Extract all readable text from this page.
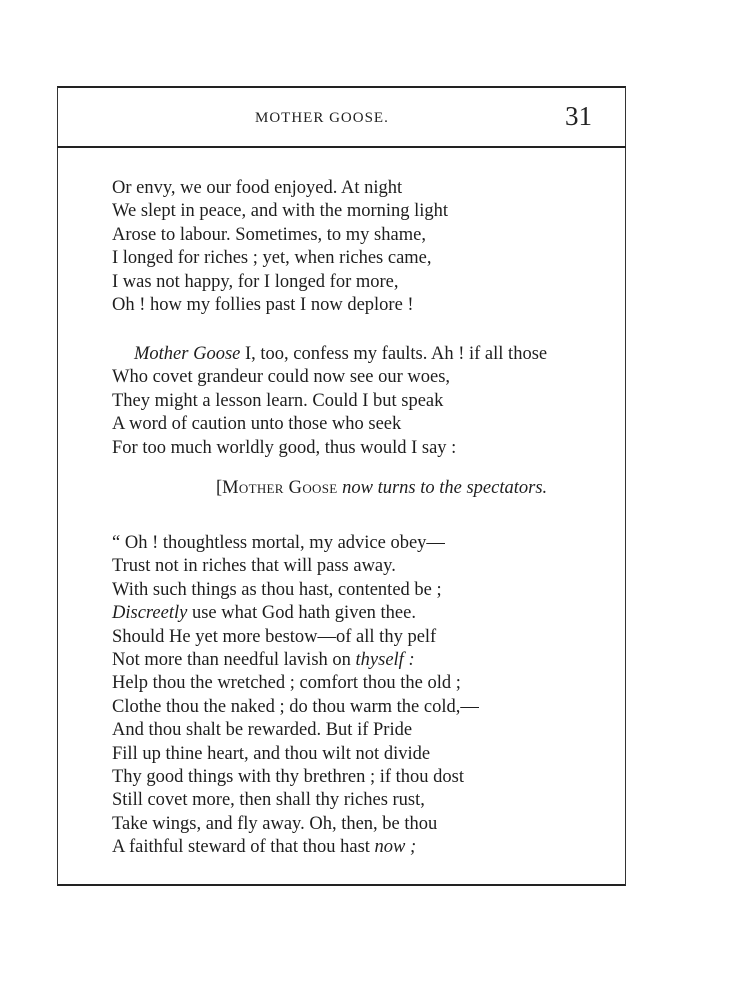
MOTHER GOOSE.	31
Or envy, we our food enjoyed. At night
We slept in peace, and with the morning light
Arose to labour. Sometimes, to my shame,
I longed for riches ; yet, when riches came,
I was not happy, for I longed for more,
Oh ! how my follies past I now deplore !
Mother Goose I, too, confess my faults. Ah ! if all those
Who covet grandeur could now see our woes,
They might a lesson learn. Could I but speak
A word of caution unto those who seek
For too much worldly good, thus would I say :
[Mother Goose now turns to the spectators.
“ Oh ! thoughtless mortal, my advice obey—
Trust not in riches that will pass away.
With such things as thou hast, contented be ;
Discreetly use what God hath given thee.
Should He yet more bestow—of all thy pelf
Not more than needful lavish on thyself :
Help thou the wretched ; comfort thou the old ;
Clothe thou the naked ; do thou warm the cold,—
And thou shalt be rewarded. But if Pride
Fill up thine heart, and thou wilt not divide
Thy good things with thy brethren ; if thou dost
Still covet more, then shall thy riches rust,
Take wings, and fly away. Oh, then, be thou
A faithful steward of that thou hast now ;
